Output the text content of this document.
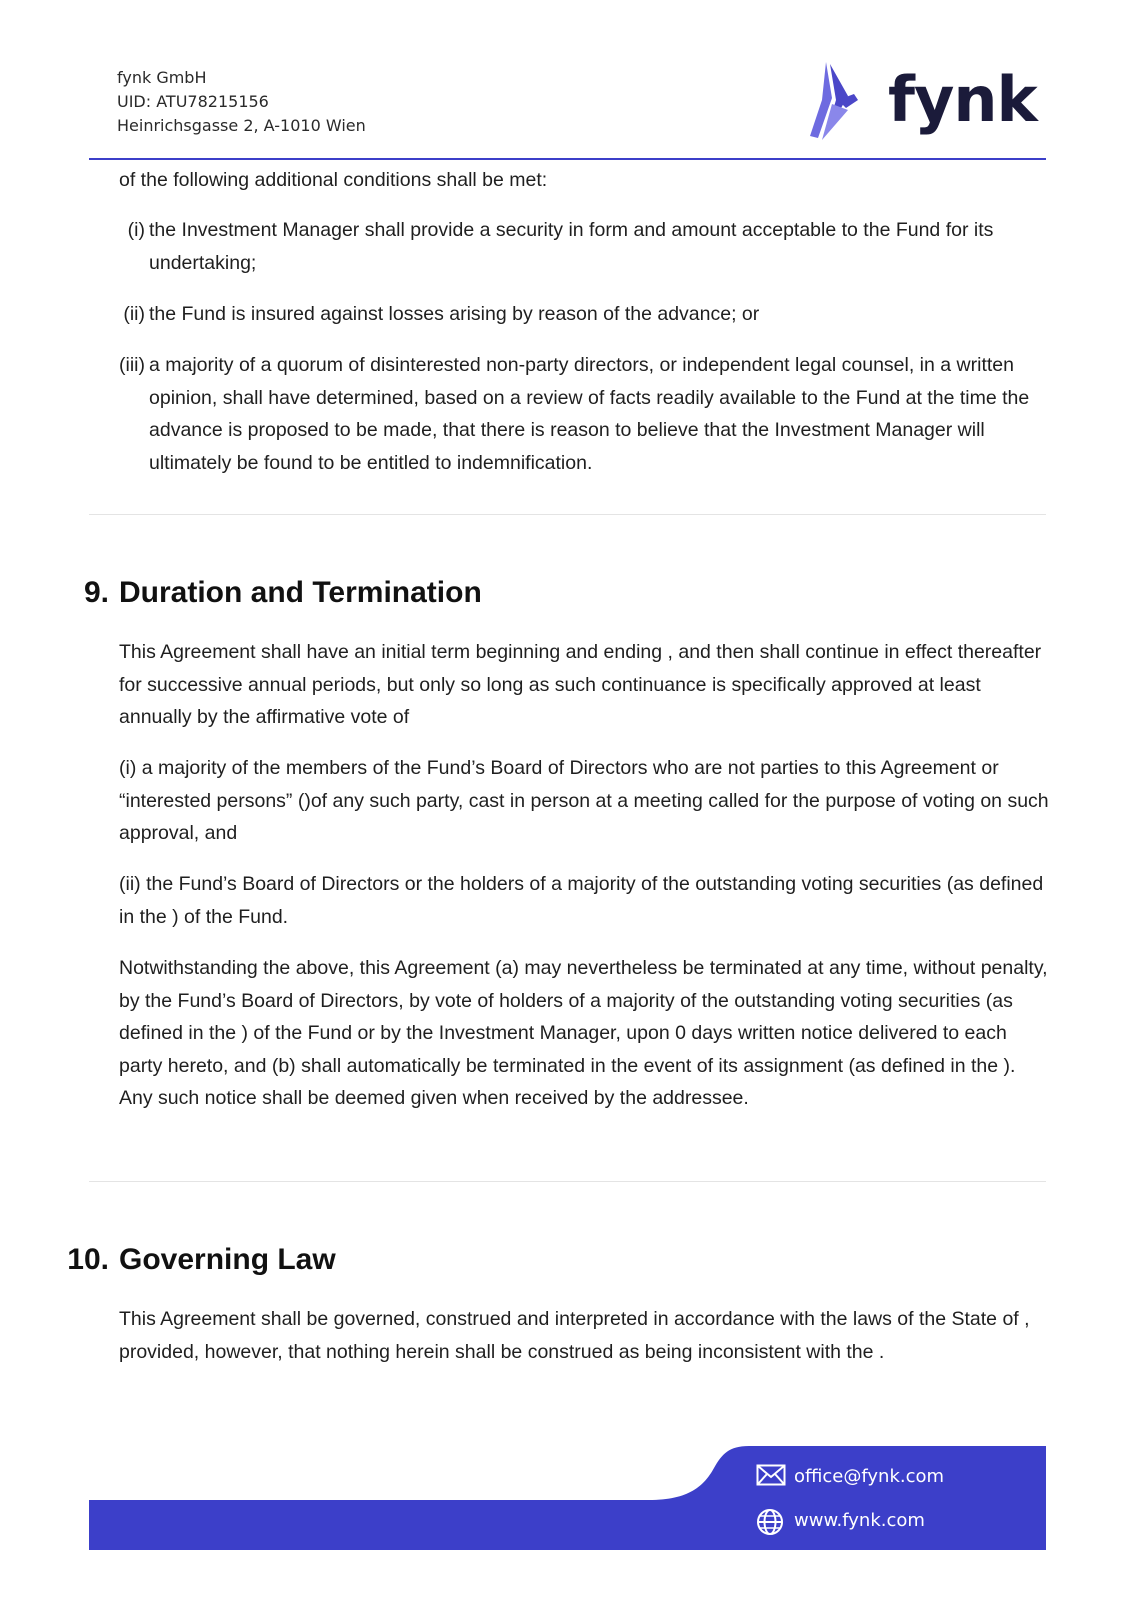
fynk GmbH
UID: ATU78215156
Heinrichsgasse 2, A-1010 Wien	fynk
of the following additional conditions shall be met:
(i) the Investment Manager shall provide a security in form and amount acceptable to the Fund for its undertaking;
(ii) the Fund is insured against losses arising by reason of the advance; or
(iii) a majority of a quorum of disinterested non-party directors, or independent legal counsel, in a written opinion, shall have determined, based on a review of facts readily available to the Fund at the time the advance is proposed to be made, that there is reason to believe that the Investment Manager will ultimately be found to be entitled to indemnification.
9. Duration and Termination
This Agreement shall have an initial term beginning and ending , and then shall continue in effect thereafter for successive annual periods, but only so long as such continuance is specifically approved at least annually by the affirmative vote of
(i) a majority of the members of the Fund’s Board of Directors who are not parties to this Agreement or “interested persons” ()of any such party, cast in person at a meeting called for the purpose of voting on such approval, and
(ii) the Fund’s Board of Directors or the holders of a majority of the outstanding voting securities (as defined in the ) of the Fund.
Notwithstanding the above, this Agreement (a) may nevertheless be terminated at any time, without penalty, by the Fund’s Board of Directors, by vote of holders of a majority of the outstanding voting securities (as defined in the ) of the Fund or by the Investment Manager, upon 0 days written notice delivered to each party hereto, and (b) shall automatically be terminated in the event of its assignment (as defined in the ). Any such notice shall be deemed given when received by the addressee.
10. Governing Law
This Agreement shall be governed, construed and interpreted in accordance with the laws of the State of , provided, however, that nothing herein shall be construed as being inconsistent with the .
office@fynk.com
www.fynk.com
